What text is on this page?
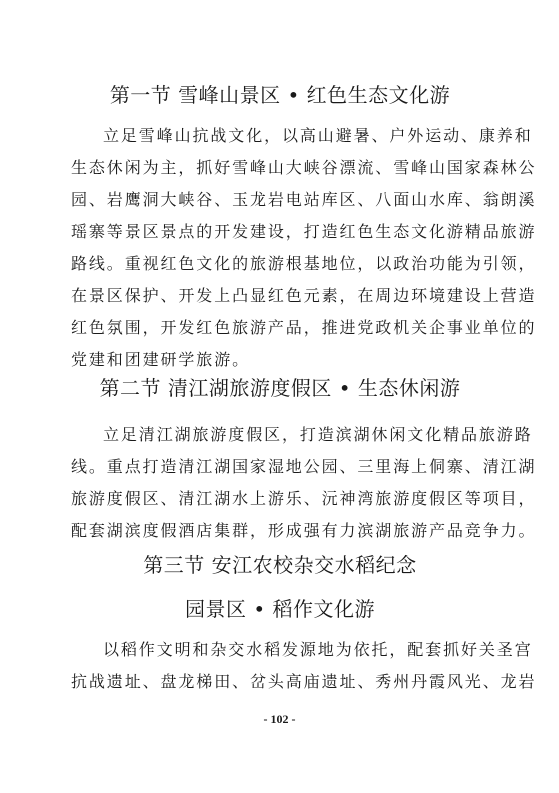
第一节 雪峰山景区 • 红色生态文化游
立足雪峰山抗战文化，以高山避暑、户外运动、康养和
生态休闲为主，抓好雪峰山大峡谷漂流、雪峰山国家森林公
园、岩鹰洞大峡谷、玉龙岩电站库区、八面山水库、翁朗溪
瑶寨等景区景点的开发建设，打造红色生态文化游精品旅游
路线。重视红色文化的旅游根基地位，以政治功能为引领，
在景区保护、开发上凸显红色元素，在周边环境建设上营造
红色氛围，开发红色旅游产品，推进党政机关企事业单位的
党建和团建研学旅游。
第二节 清江湖旅游度假区 • 生态休闲游
立足清江湖旅游度假区，打造滨湖休闲文化精品旅游路
线。重点打造清江湖国家湿地公园、三里海上侗寨、清江湖
旅游度假区、清江湖水上游乐、沅神湾旅游度假区等项目，
配套湖滨度假酒店集群，形成强有力滨湖旅游产品竞争力。
第三节 安江农校杂交水稻纪念
园景区 • 稻作文化游
以稻作文明和杂交水稻发源地为依托，配套抓好关圣宫
抗战遗址、盘龙梯田、岔头高庙遗址、秀州丹霞风光、龙岩
- 102 -
